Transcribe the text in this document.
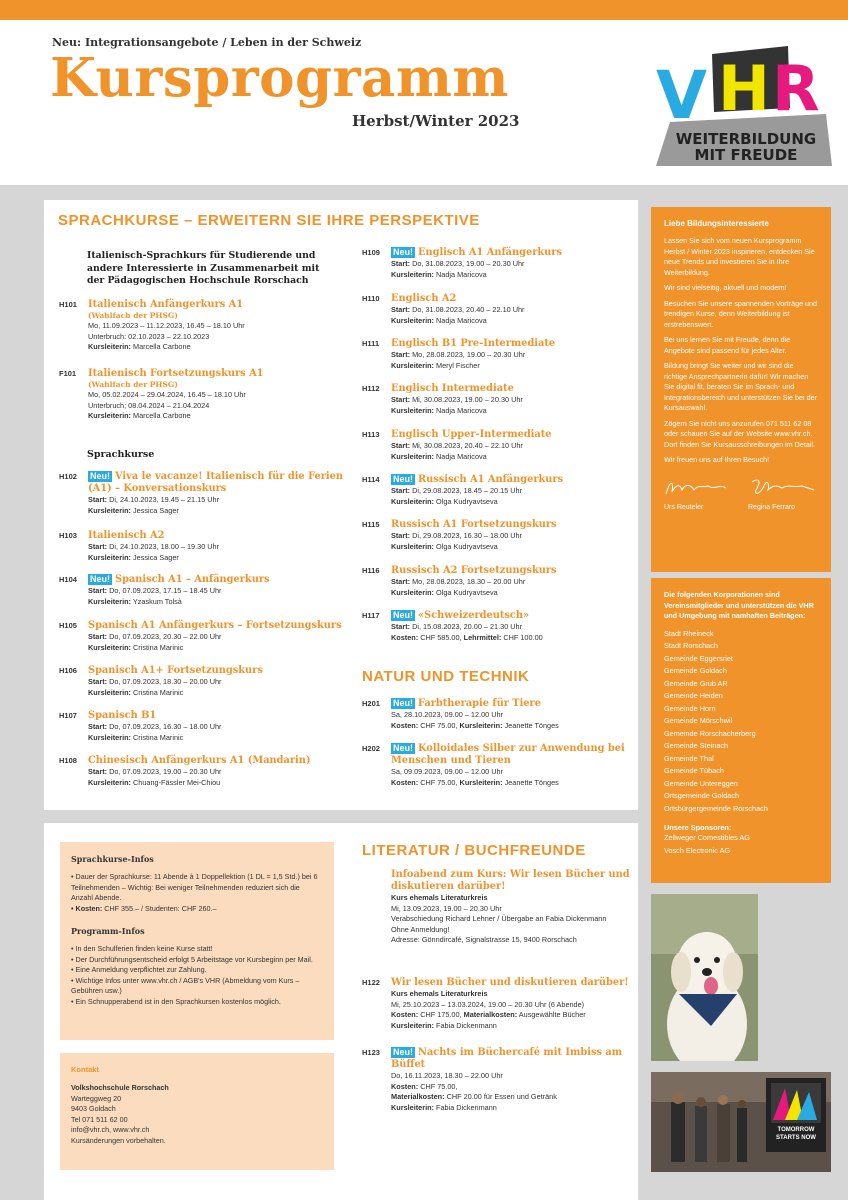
Neu: Integrationsangebote / Leben in der Schweiz
Kursprogramm
Herbst/Winter 2023 V H R
WEITERBILDUNG
MIT FREUDE
SPRACHKURSE – ERWEITERN SIE IHRE PERSPEKTIVE
Italienisch-Sprachkurs für Studierende und andere Interessierte in Zusammenarbeit mit der Pädagogischen Hochschule Rorschach
H101 Italienisch Anfängerkurs A1
(Wahlfach der PHSG)
Mo, 11.09.2023 – 11.12.2023, 16.45 – 18.10 Uhr
Unterbruch: 02.10.2023 – 22.10.2023
Kursleiterin: Marcella Carbone
F101 Italienisch Fortsetzungskurs A1
(Wahlfach der PHSG)
Mo, 05.02.2024 – 29.04.2024, 16.45 – 18.10 Uhr
Unterbruch; 08.04.2024 – 21.04.2024
Kursleiterin: Marcella Carbone
Sprachkurse
H102 Neu! Viva le vacanze! Italienisch für die Ferien (A1) – Konversationskurs
Start: Di, 24.10.2023, 19.45 – 21.15 Uhr
Kursleiterin: Jessica Sager
H103 Italienisch A2
Start: Di, 24.10.2023, 18.00 – 19.30 Uhr
Kursleiterin: Jessica Sager
H104 Neu! Spanisch A1 – Anfängerkurs
Start: Do, 07.09.2023, 17.15 – 18.45 Uhr
Kursleiterin: Yzaskum Tolsà
H105 Spanisch A1 Anfängerkurs – Fortsetzungskurs
Start: Do, 07.09.2023, 20.30 – 22.00 Uhr
Kursleiterin: Cristina Marinic
H106 Spanisch A1+ Fortsetzungskurs
Start: Do, 07.09.2023, 18.30 – 20.00 Uhr
Kursleiterin: Cristina Marinic
H107 Spanisch B1
Start: Do, 07.09.2023, 16.30 – 18.00 Uhr
Kursleiterin: Cristina Marinic
H108 Chinesisch Anfängerkurs A1 (Mandarin)
Start: Do, 07.09.2023, 19.00 – 20.30 Uhr
Kursleiterin: Chuang-Fässler Mei-Chiou
H109 Neu! Englisch A1 Anfängerkurs
Start: Do, 31.08.2023, 19.00 – 20.30 Uhr
Kursleiterin: Nadja Maricova
H110 Englisch A2
Start: Do, 31.08.2023, 20.40 – 22.10 Uhr
Kursleiterin: Nadja Maricova
H111 Englisch B1 Pre-Intermediate
Start: Mo, 28.08.2023, 19.00 – 20.30 Uhr
Kursleiterin: Meryl Fischer
H112 Englisch Intermediate
Start: Mi, 30.08.2023, 19.00 – 20.30 Uhr
Kursleiterin: Nadja Maricova
H113 Englisch Upper-Intermediate
Start: Mi, 30.08.2023, 20.40 – 22.10 Uhr
Kursleiterin: Nadja Maricova
H114 Neu! Russisch A1 Anfängerkurs
Start: Di, 29.08.2023, 18.45 – 20.15 Uhr
Kursleiterin: Olga Kudryavtseva
H115 Russisch A1 Fortsetzungskurs
Start: Di, 29.08.2023, 16.30 – 18.00 Uhr
Kursleiterin: Olga Kudryavtseva
H116 Russisch A2 Fortsetzungskurs
Start: Mo, 28.08.2023, 18.30 – 20.00 Uhr
Kursleiterin: Olga Kudryavtseva
H117 Neu! «Schweizerdeutsch»
Start: Di, 15.08.2023, 20.00 – 21.30 Uhr
Kosten: CHF 585.00, Lehrmittel: CHF 100.00
NATUR UND TECHNIK
H201 Neu! Farbtherapie für Tiere
Sa, 28.10.2023, 09.00 – 12.00 Uhr
Kosten: CHF 75.00, Kursleiterin: Jeanette Tönges
H202 Neu! Kolloidales Silber zur Anwendung bei Menschen und Tieren
Sa, 09.09.2023, 09.00 – 12.00 Uhr
Kosten: CHF 75.00, Kursleiterin: Jeanette Tönges
Liebe Bildungsinteressierte

Lassen Sie sich vom neuen Kursprogramm Herbst / Winter 2023 inspirieren, entdecken Sie neue Trends und investieren Sie in Ihre Weiterbildung.

Wir sind vielseitig, aktuell und modern!

Besuchen Sie unsere spannenden Vorträge und trendigen Kurse, denn Weiterbildung ist erstrebenswert.

Bei uns lernen Sie mit Freude, denn die Angebote sind passend für jedes Alter.

Bildung bringt Sie weiter und wir sind die richtige Ansprechpartnerin dafür! Wir machen Sie digital fit, beraten Sie im Sprach- und Integrationsbereich und unterstützen Sie bei der Kursauswahl.

Zögern Sie nicht uns anzurufen 071 511 62 08 oder schauen Sie auf der Website www.vhr.ch. Dort finden Sie Kursausschreibungen im Detail.

Wir freuen uns auf Ihren Besuch!

Urs Reuteler	Regina Ferraro
Die folgenden Korporationen sind Vereinsmitglieder und unterstützen die VHR und Umgebung mit namhaften Beiträgen:
Stadt Rheineck
Stadt Rorschach
Gemeinde Eggersriet
Gemeinde Goldach
Gemeinde Grub AR
Gemeinde Heiden
Gemeinde Horn
Gemeinde Mörschwil
Gemeinde Rorschacherberg
Gemeinde Steinach
Gemeinde Thal
Gemeinde Tübach
Gemeinde Untereggen
Ortsgemeinde Goldach
Ortsbürgergemeinde Rorschach
Unsere Sponsoren:
Zellweger Comestibles AG
Vosch Electronic AG
Sprachkurse-Infos
• Dauer der Sprachkurse: 11 Abende à 1 Doppellektion (1 DL = 1,5 Std.) bei 6 Teilnehmenden – Wichtig: Bei weniger Teilnehmenden reduziert sich die Anzahl Abende.
• Kosten: CHF 355.– / Studenten: CHF 260.–
Programm-Infos
• In den Schulferien finden keine Kurse statt!
• Der Durchführungsentscheid erfolgt 5 Arbeitstage vor Kursbeginn per Mail.
• Eine Anmeldung verpflichtet zur Zahlung.
• Wichtige Infos unter www.vhr.ch / AGB's VHR (Abmeldung vom Kurs – Gebühren usw.)
• Ein Schnupperabend ist in den Sprachkursen kostenlos möglich.
Kontakt
Volkshochschule Rorschach
Warteggweg 20
9403 Goldach
Tel 071 511 62 00
info@vhr.ch, www.vhr.ch
Kursänderungen vorbehalten.
LITERATUR / BUCHFREUNDE
Infoabend zum Kurs: Wir lesen Bücher und diskutieren darüber!
Kurs ehemals Literaturkreis
Mi, 13.09.2023, 19.00 – 20.30 Uhr
Verabschiedung Richard Lehner / Übergabe an Fabia Dickenmann
Ohne Anmeldung!
Adresse: Gönndircafé, Signalstrasse 15, 9400 Rorschach
H122 Wir lesen Bücher und diskutieren darüber!
Kurs ehemals Literaturkreis
Mi, 25.10.2023 – 13.03.2024, 19.00 – 20.30 Uhr (6 Abende)
Kosten: CHF 175.00, Materialkosten: Ausgewählte Bücher
Kursleiterin: Fabia Dickenmann
H123 Neu! Nachts im Büchercafé mit Imbiss am Büffet
Do, 16.11.2023, 18.30 – 22.00 Uhr
Kosten: CHF 75.00,
Materialkosten: CHF 20.00 für Essen und Getränk
Kursleiterin: Fabia Dickenmann
TOMORROW STARTS NOW
